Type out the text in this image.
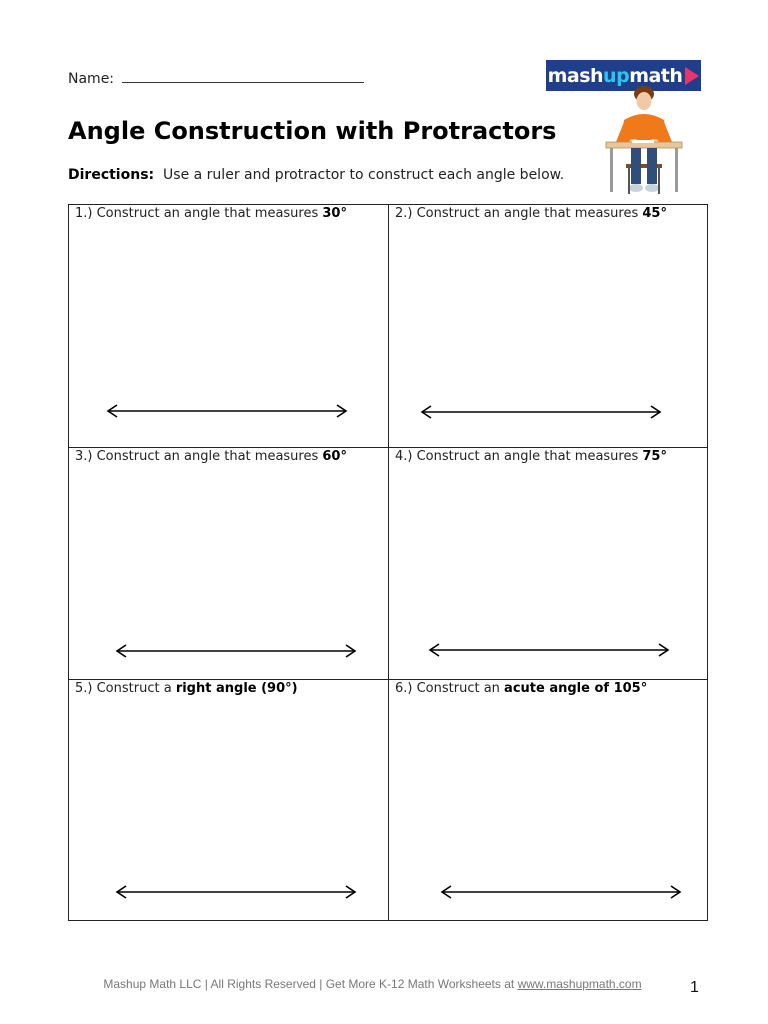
Name:	mash up math
Angle Construction with Protractors
Directions: Use a ruler and protractor to construct each angle below.
1.) Construct an angle that measures 30°	2.) Construct an angle that measures 45°
3.) Construct an angle that measures 60°	4.) Construct an angle that measures 75°
5.) Construct a right angle (90°)	6.) Construct an acute angle of 105°
Mashup Math LLC | All Rights Reserved | Get More K-12 Math Worksheets at www.mashupmath.com	1
